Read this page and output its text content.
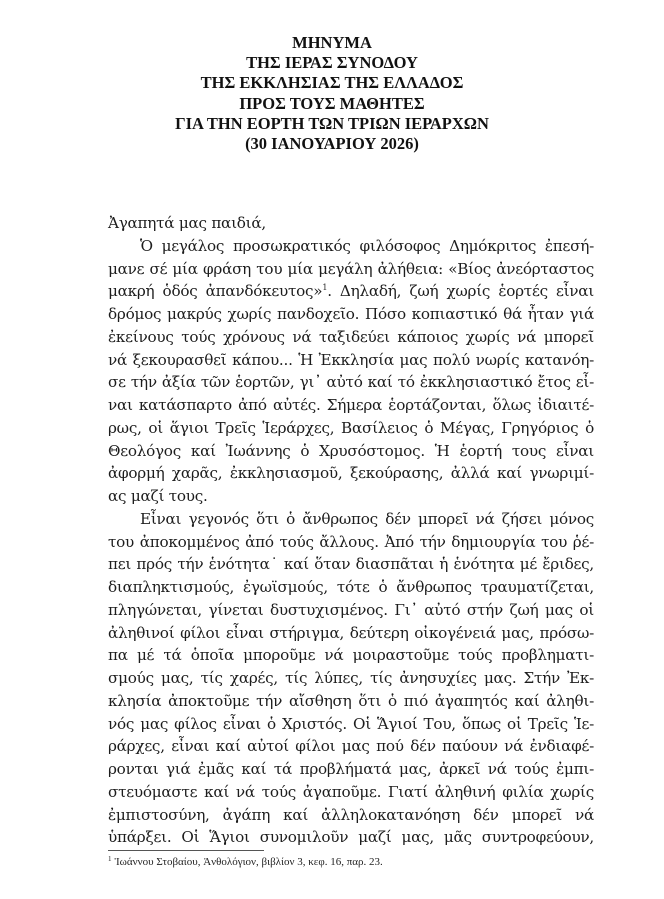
ΜΗΝΥΜΑ
ΤΗΣ ΙΕΡΑΣ ΣΥΝΟΔΟΥ
ΤΗΣ ΕΚΚΛΗΣΙΑΣ ΤΗΣ ΕΛΛΑΔΟΣ
ΠΡΟΣ ΤΟΥΣ ΜΑΘΗΤΕΣ
ΓΙΑ ΤΗΝ ΕΟΡΤΗ ΤΩΝ ΤΡΙΩΝ ΙΕΡΑΡΧΩΝ
(30 ΙΑΝΟΥΑΡΙΟΥ 2026)
Ἀγαπητά μας παιδιά,
Ὁ μεγάλος προσωκρατικός φιλόσοφος Δημόκριτος ἐπεσή-
μανε σέ μία φράση του μία μεγάλη ἀλήθεια: «Βίος ἀνεόρταστος
μακρή ὁδός ἀπανδόκευτος»$^1$. Δηλαδή, ζωή χωρίς ἑορτές εἶναι
δρόμος μακρύς χωρίς πανδοχεῖο. Πόσο κοπιαστικό θά ἦταν γιά
ἐκείνους τούς χρόνους νά ταξιδεύει κάποιος χωρίς νά μπορεῖ
νά ξεκουρασθεῖ κάπου... Ἡ Ἐκκλησία μας πολύ νωρίς κατανόη-
σε τήν ἀξία τῶν ἑορτῶν, γι᾽ αὐτό καί τό ἐκκλησιαστικό ἔτος εἶ-
ναι κατάσπαρτο ἀπό αὐτές. Σήμερα ἑορτάζονται, ὅλως ἰδιαιτέ-
ρως, οἱ ἅγιοι Τρεῖς Ἱεράρχες, Βασίλειος ὁ Μέγας, Γρηγόριος ὁ
Θεολόγος καί Ἰωάννης ὁ Χρυσόστομος. Ἡ ἑορτή τους εἶναι
ἀφορμή χαρᾶς, ἐκκλησιασμοῦ, ξεκούρασης, ἀλλά καί γνωριμί-
ας μαζί τους.
Εἶναι γεγονός ὅτι ὁ ἄνθρωπος δέν μπορεῖ νά ζήσει μόνος
του ἀποκομμένος ἀπό τούς ἄλλους. Ἀπό τήν δημιουργία του ῥέ-
πει πρός τήν ἑνότητα˙ καί ὅταν διασπᾶται ἡ ἑνότητα μέ ἔριδες,
διαπληκτισμούς, ἐγωϊσμούς, τότε ὁ ἄνθρωπος τραυματίζεται,
πληγώνεται, γίνεται δυστυχισμένος. Γι᾽ αὐτό στήν ζωή μας οἱ
ἀληθινοί φίλοι εἶναι στήριγμα, δεύτερη οἰκογένειά μας, πρόσω-
πα μέ τά ὁποῖα μποροῦμε νά μοιραστοῦμε τούς προβληματι-
σμούς μας, τίς χαρές, τίς λύπες, τίς ἀνησυχίες μας. Στήν Ἐκ-
κλησία ἀποκτοῦμε τήν αἴσθηση ὅτι ὁ πιό ἀγαπητός καί ἀληθι-
νός μας φίλος εἶναι ὁ Χριστός. Οἱ Ἅγιοί Του, ὅπως οἱ Τρεῖς Ἱε-
ράρχες, εἶναι καί αὐτοί φίλοι μας πού δέν παύουν νά ἐνδιαφέ-
ρονται γιά ἐμᾶς καί τά προβλήματά μας, ἀρκεῖ νά τούς ἐμπι-
στευόμαστε καί νά τούς ἀγαποῦμε. Γιατί ἀληθινή φιλία χωρίς
ἐμπιστοσύνη, ἀγάπη καί ἀλληλοκατανόηση δέν μπορεῖ νά
ὑπάρξει. Οἱ Ἅγιοι συνομιλοῦν μαζί μας, μᾶς συντροφεύουν,
$^1$ Ἰωάννου Στοβαίου, Ἀνθολόγιον, βιβλίον 3, κεφ. 16, παρ. 23.
